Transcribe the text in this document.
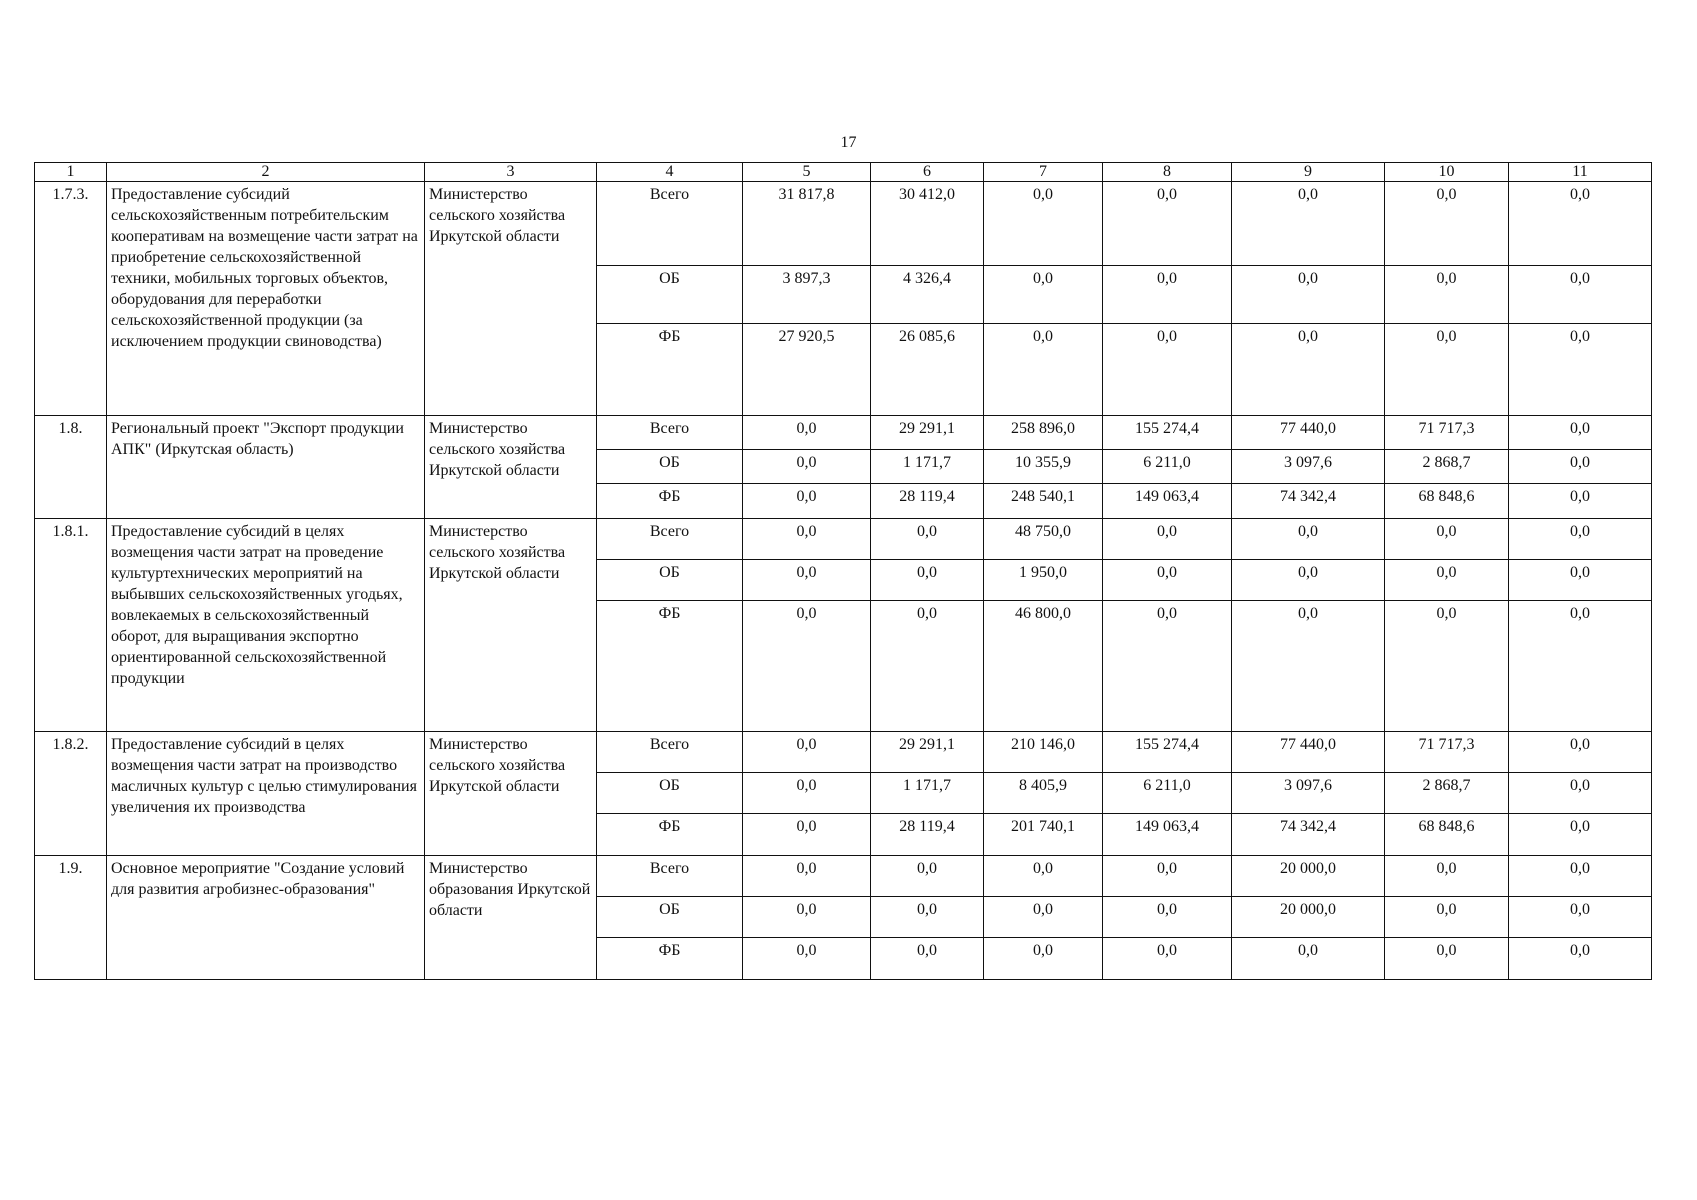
17
1	2	3	4	5	6	7	8	9	10	11
1.7.3.	Предоставление субсидий сельскохозяйственным потребительским кооперативам на возмещение части затрат на приобретение сельскохозяйственной техники, мобильных торговых объектов, оборудования для переработки сельскохозяйственной продукции (за исключением продукции свиноводства)	Министерство сельского хозяйства Иркутской области	Всего	31 817,8	30 412,0	0,0	0,0	0,0	0,0	0,0
			ОБ	3 897,3	4 326,4	0,0	0,0	0,0	0,0	0,0
			ФБ	27 920,5	26 085,6	0,0	0,0	0,0	0,0	0,0
1.8.	Региональный проект "Экспорт продукции АПК" (Иркутская область)	Министерство сельского хозяйства Иркутской области	Всего	0,0	29 291,1	258 896,0	155 274,4	77 440,0	71 717,3	0,0
			ОБ	0,0	1 171,7	10 355,9	6 211,0	3 097,6	2 868,7	0,0
			ФБ	0,0	28 119,4	248 540,1	149 063,4	74 342,4	68 848,6	0,0
1.8.1.	Предоставление субсидий в целях возмещения части затрат на проведение культуртехнических мероприятий на выбывших сельскохозяйственных угодьях, вовлекаемых в сельскохозяйственный оборот, для выращивания экспортно ориентированной сельскохозяйственной продукции	Министерство сельского хозяйства Иркутской области	Всего	0,0	0,0	48 750,0	0,0	0,0	0,0	0,0
			ОБ	0,0	0,0	1 950,0	0,0	0,0	0,0	0,0
			ФБ	0,0	0,0	46 800,0	0,0	0,0	0,0	0,0
1.8.2.	Предоставление субсидий в целях возмещения части затрат на производство масличных культур с целью стимулирования увеличения их производства	Министерство сельского хозяйства Иркутской области	Всего	0,0	29 291,1	210 146,0	155 274,4	77 440,0	71 717,3	0,0
			ОБ	0,0	1 171,7	8 405,9	6 211,0	3 097,6	2 868,7	0,0
			ФБ	0,0	28 119,4	201 740,1	149 063,4	74 342,4	68 848,6	0,0
1.9.	Основное мероприятие "Создание условий для развития агробизнес-образования"	Министерство образования Иркутской области	Всего	0,0	0,0	0,0	0,0	20 000,0	0,0	0,0
			ОБ	0,0	0,0	0,0	0,0	20 000,0	0,0	0,0
			ФБ	0,0	0,0	0,0	0,0	0,0	0,0	0,0
